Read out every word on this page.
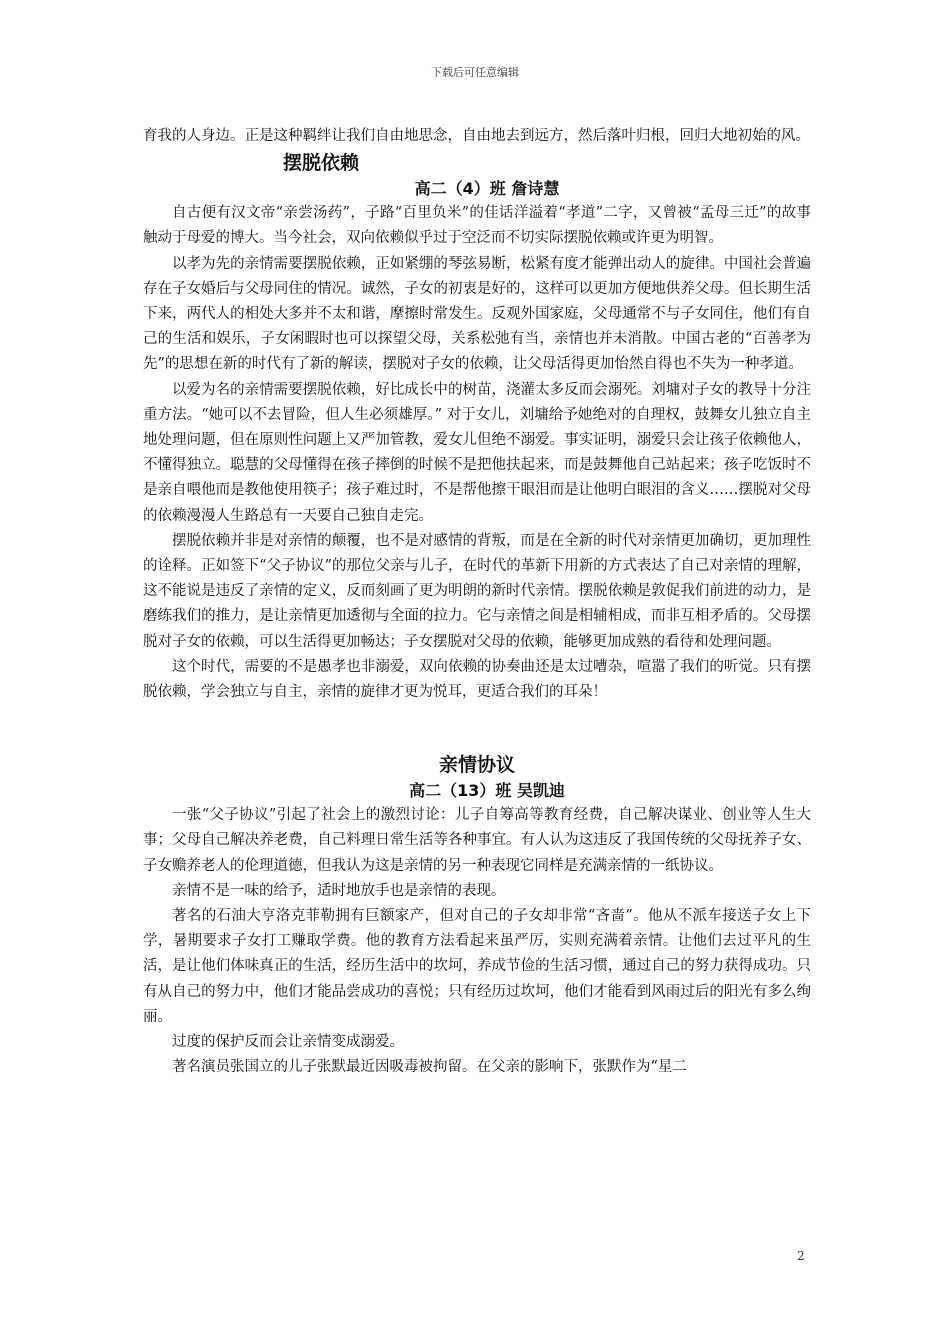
下载后可任意编辑

育我的人身边。正是这种羁绊让我们自由地思念，自由地去到远方，然后落叶归根，回归大地初始的风。

摆脱依赖
高二（4）班 詹诗慧

自古便有汉文帝“亲尝汤药”，子路“百里负米”的佳话洋溢着“孝道”二字，又曾被“孟母三迁”的故事触动于母爱的博大。当今社会，双向依赖似乎过于空泛而不切实际摆脱依赖或许更为明智。

以孝为先的亲情需要摆脱依赖，正如紧绷的琴弦易断，松紧有度才能弹出动人的旋律。中国社会普遍存在子女婚后与父母同住的情况。诚然，子女的初衷是好的，这样可以更加方便地供养父母。但长期生活下来，两代人的相处大多并不太和谐，摩擦时常发生。反观外国家庭，父母通常不与子女同住，他们有自己的生活和娱乐，子女闲暇时也可以探望父母，关系松弛有当，亲情也并未消散。中国古老的“百善孝为先”的思想在新的时代有了新的解读，摆脱对子女的依赖，让父母活得更加怡然自得也不失为一种孝道。

以爱为名的亲情需要摆脱依赖，好比成长中的树苗，浇灌太多反而会溺死。刘墉对子女的教导十分注重方法。“她可以不去冒险，但人生必须雄厚。” 对于女儿，刘墉给予她绝对的自理权，鼓舞女儿独立自主地处理问题，但在原则性问题上又严加管教，爱女儿但绝不溺爱。事实证明，溺爱只会让孩子依赖他人，不懂得独立。聪慧的父母懂得在孩子摔倒的时候不是把他扶起来，而是鼓舞他自己站起来；孩子吃饭时不是亲自喂他而是教他使用筷子；孩子难过时，不是帮他擦干眼泪而是让他明白眼泪的含义……摆脱对父母的依赖漫漫人生路总有一天要自己独自走完。

摆脱依赖并非是对亲情的颠覆，也不是对感情的背叛，而是在全新的时代对亲情更加确切，更加理性的诠释。正如签下“父子协议”的那位父亲与儿子，在时代的革新下用新的方式表达了自己对亲情的理解，这不能说是违反了亲情的定义，反而刻画了更为明朗的新时代亲情。摆脱依赖是敦促我们前进的动力，是磨练我们的推力，是让亲情更加透彻与全面的拉力。它与亲情之间是相辅相成，而非互相矛盾的。父母摆脱对子女的依赖，可以生活得更加畅达；子女摆脱对父母的依赖，能够更加成熟的看待和处理问题。

这个时代，需要的不是愚孝也非溺爱，双向依赖的协奏曲还是太过嘈杂，喧嚣了我们的听觉。只有摆脱依赖，学会独立与自主，亲情的旋律才更为悦耳，更适合我们的耳朵！

亲情协议
高二（13）班 吴凯迪

一张“父子协议”引起了社会上的激烈讨论：儿子自筹高等教育经费，自己解决谋业、创业等人生大事；父母自己解决养老费，自己料理日常生活等各种事宜。有人认为这违反了我国传统的父母抚养子女、子女赡养老人的伦理道德，但我认为这是亲情的另一种表现它同样是充满亲情的一纸协议。

亲情不是一味的给予，适时地放手也是亲情的表现。

著名的石油大亨洛克菲勒拥有巨额家产，但对自己的子女却非常“吝啬”。他从不派车接送子女上下学，暑期要求子女打工赚取学费。他的教育方法看起来虽严厉，实则充满着亲情。让他们去过平凡的生活，是让他们体味真正的生活，经历生活中的坎坷，养成节俭的生活习惯，通过自己的努力获得成功。只有从自己的努力中，他们才能品尝成功的喜悦；只有经历过坎坷，他们才能看到风雨过后的阳光有多么绚丽。

过度的保护反而会让亲情变成溺爱。

著名演员张国立的儿子张默最近因吸毒被拘留。在父亲的影响下，张默作为“星二

2
